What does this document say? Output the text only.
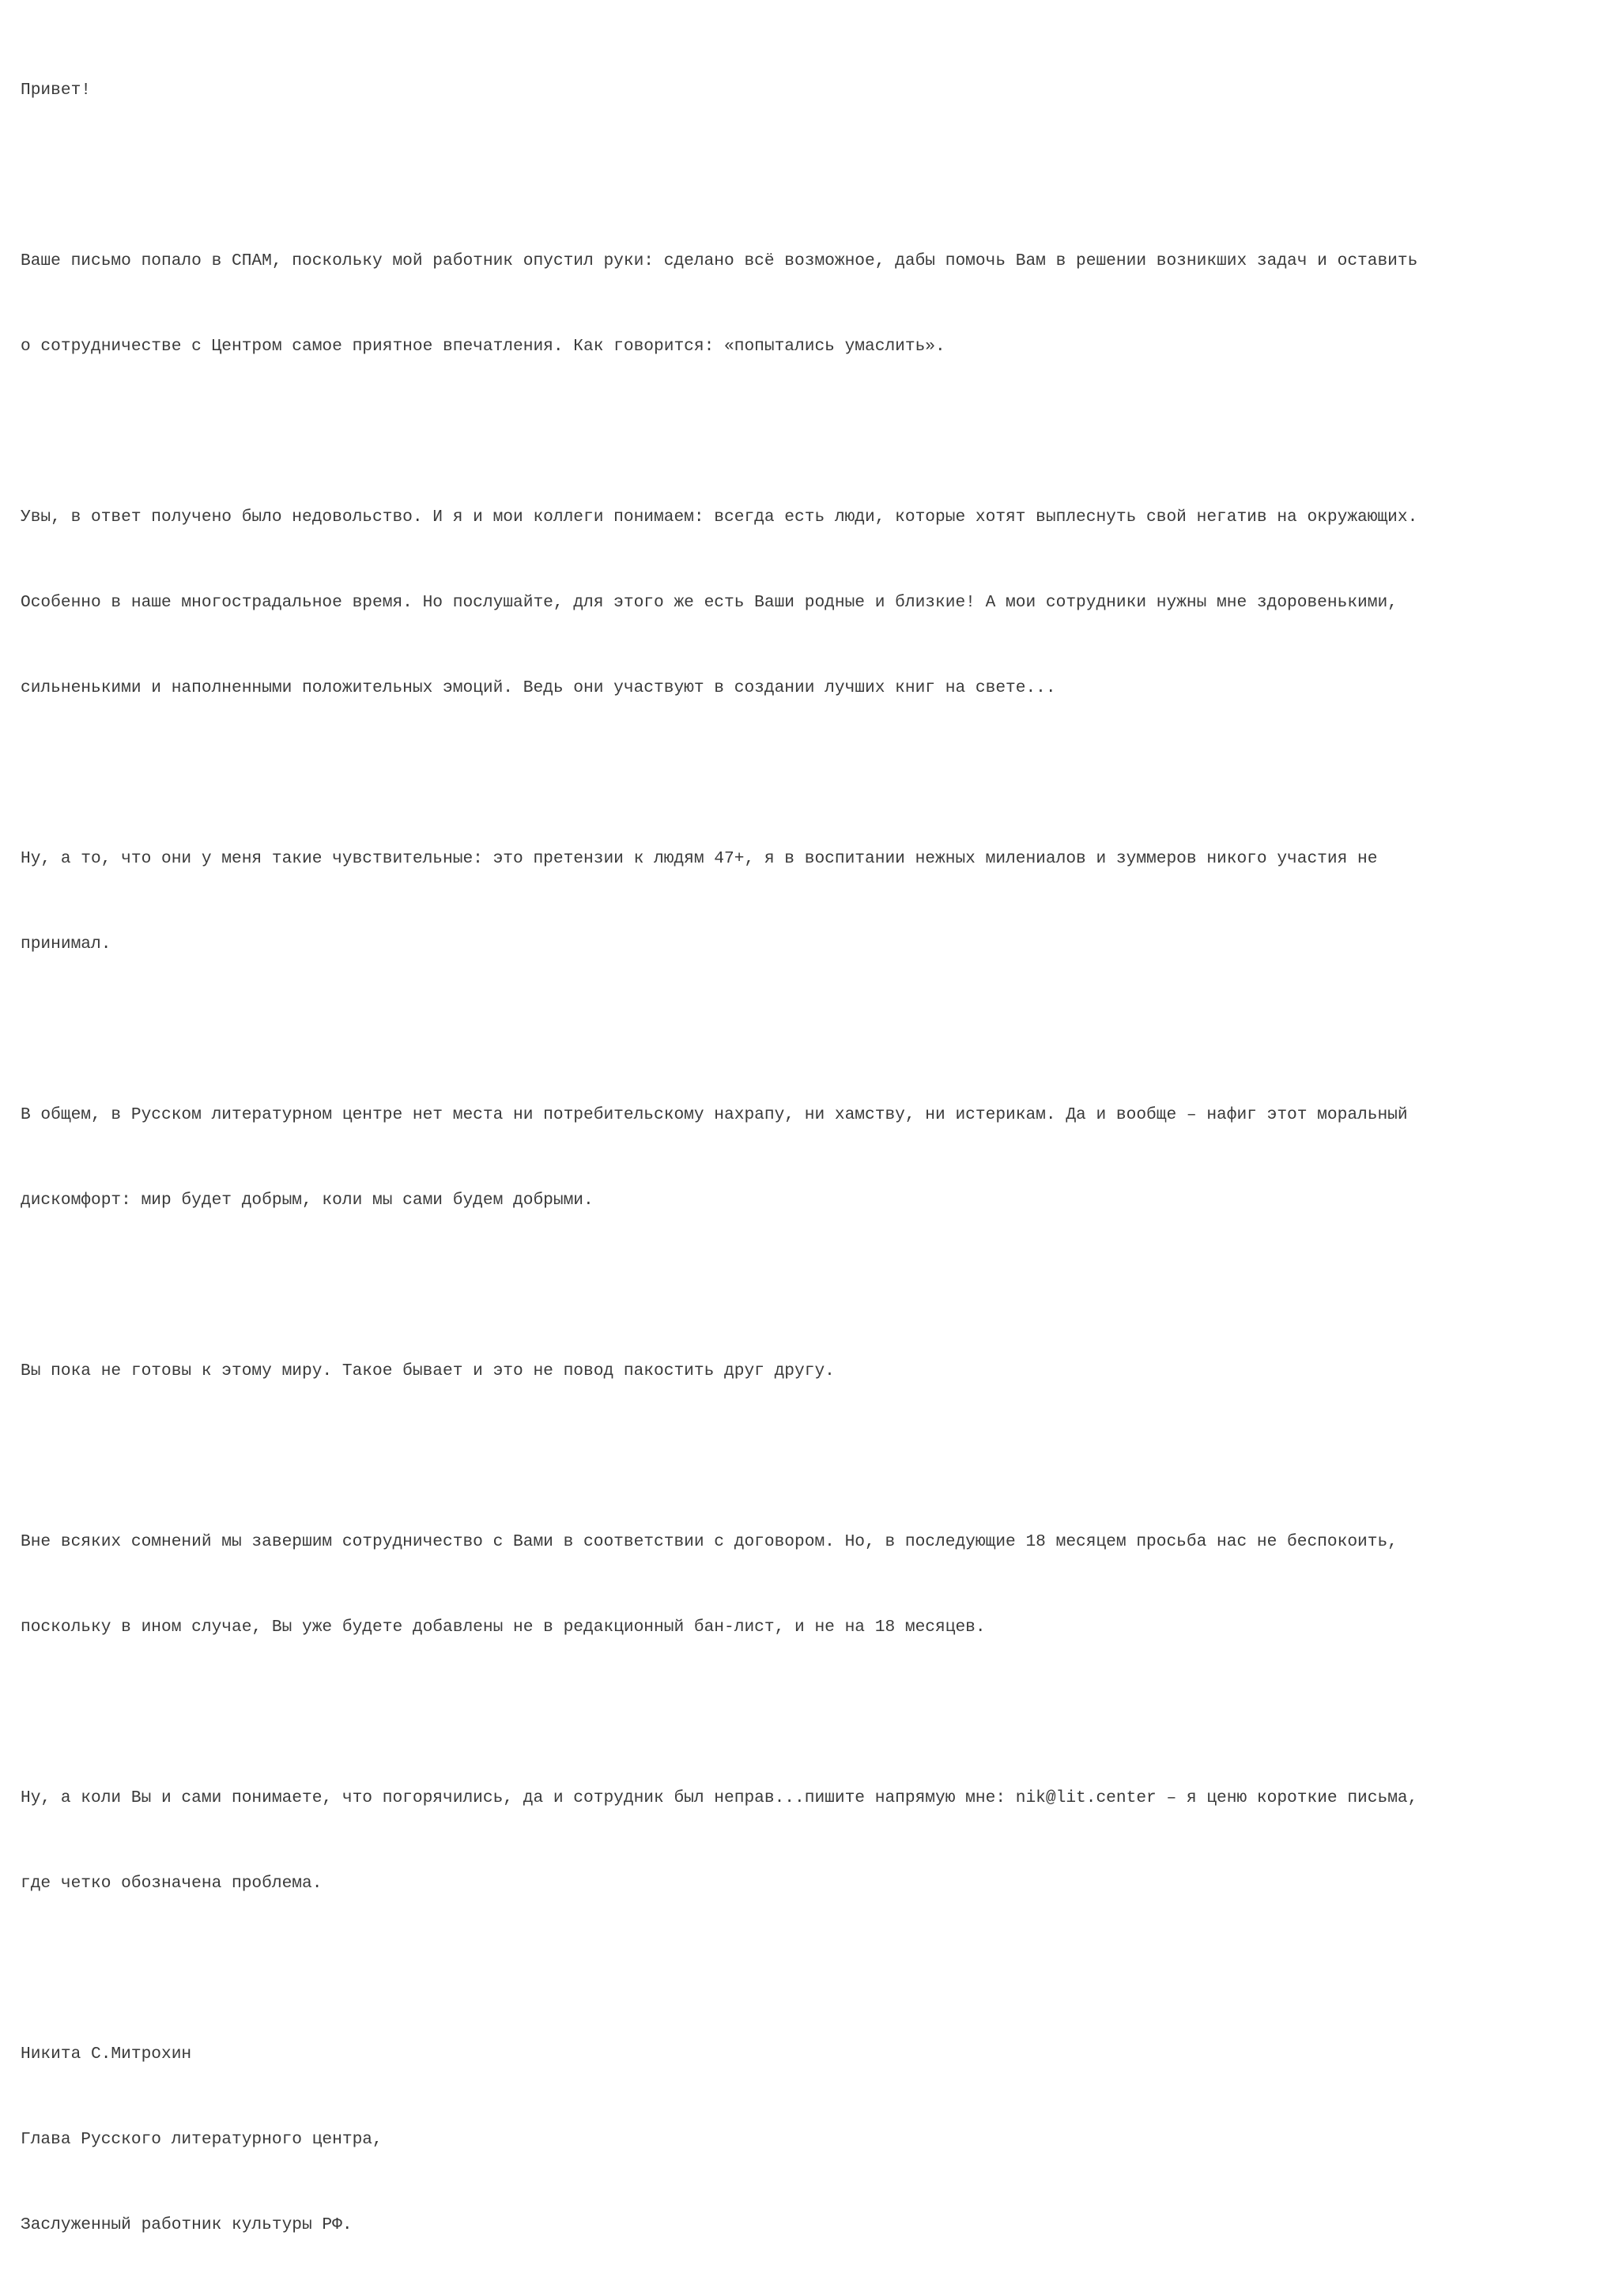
Привет!

Ваше письмо попало в СПАМ, поскольку мой работник опустил руки: сделано всё возможное, дабы помочь Вам в решении возникших задач и оставить

о сотрудничестве с Центром самое приятное впечатления. Как говорится: «попытались умаслить».

Увы, в ответ получено было недовольство. И я и мои коллеги понимаем: всегда есть люди, которые хотят выплеснуть свой негатив на окружающих.

Особенно в наше многострадальное время. Но послушайте, для этого же есть Ваши родные и близкие! А мои сотрудники нужны мне здоровенькими,

сильненькими и наполненными положительных эмоций. Ведь они участвуют в создании лучших книг на свете...

Ну, а то, что они у меня такие чувствительные: это претензии к людям 47+, я в воспитании нежных милениалов и зуммеров никого участия не

принимал.

В общем, в Русском литературном центре нет места ни потребительскому нахрапу, ни хамству, ни истерикам. Да и вообще – нафиг этот моральный

дискомфорт: мир будет добрым, коли мы сами будем добрыми.

Вы пока не готовы к этому миру. Такое бывает и это не повод пакостить друг другу.

Вне всяких сомнений мы завершим сотрудничество с Вами в соответствии с договором. Но, в последующие 18 месяцем просьба нас не беспокоить,

поскольку в ином случае, Вы уже будете добавлены не в редакционный бан-лист, и не на 18 месяцев.

Ну, а коли Вы и сами понимаете, что погорячились, да и сотрудник был неправ...пишите напрямую мне: nik@lit.center – я ценю короткие письма,

где четко обозначена проблема.

Никита С.Митрохин

Глава Русского литературного центра,

Заслуженный работник культуры РФ.
